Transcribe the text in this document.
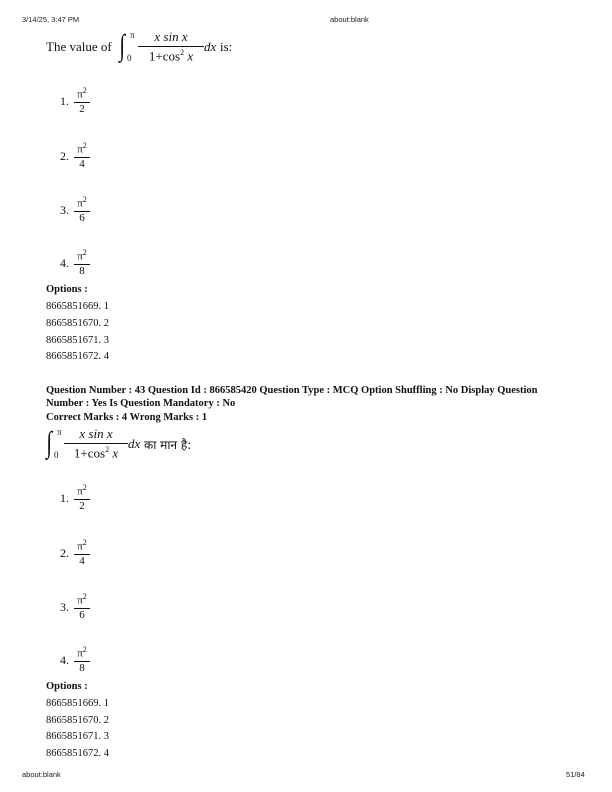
3/14/25, 3:47 PM	about:blank
The value of ∫ π
$0 \frac{\text{x sin x}}{1+\cos^2 x}$ dx is:
1. $\frac{\pi^2}{2}$
2. $\frac{\pi^2}{4}$
3. $\frac{\pi^2}{6}$
4. $\frac{\pi^2}{8}$
Options :
8665851669. 1
8665851670. 2
8665851671. 3
8665851672. 4
Question Number : 43 Question Id : 866585420 Question Type : MCQ Option Shuffling : No Display Question
Number : Yes Is Question Mandatory : No
Correct Marks : 4 Wrong Marks : 1
∫ π
$0 \frac{\text{x sin x}}{1+\cos^2 x}$ dx का मान है:
1. $\frac{\pi^2}{2}$
2. $\frac{\pi^2}{4}$
3. $\frac{\pi^2}{6}$
4. $\frac{\pi^2}{8}$
Options :
8665851669. 1
8665851670. 2
8665851671. 3
8665851672. 4
about:blank	51/84
